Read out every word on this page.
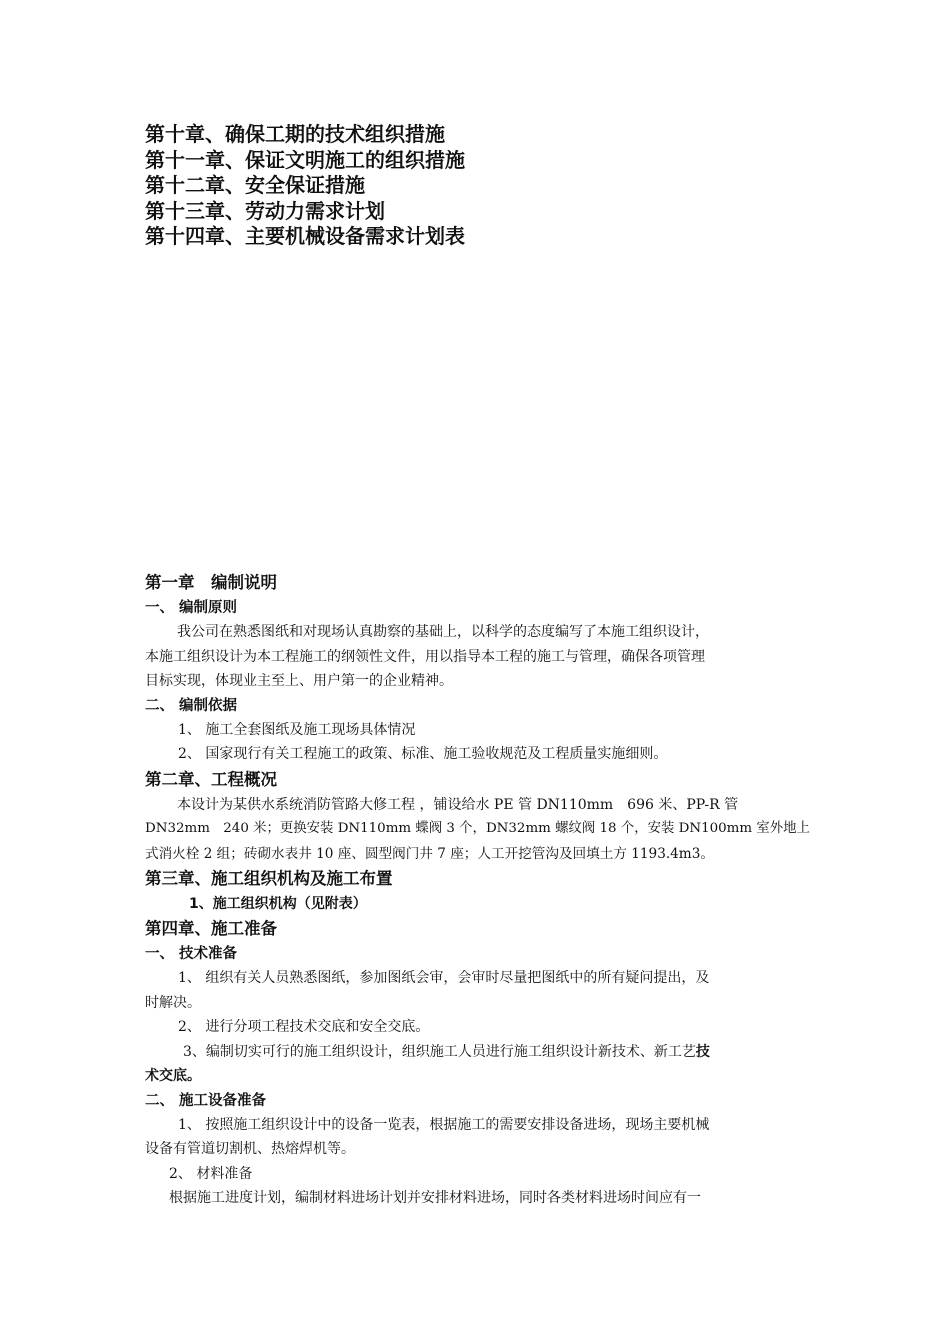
第十章、确保工期的技术组织措施
第十一章、保证文明施工的组织措施
第十二章、安全保证措施
第十三章、劳动力需求计划
第十四章、主要机械设备需求计划表
第一章　编制说明
一、 编制原则
我公司在熟悉图纸和对现场认真勘察的基础上，以科学的态度编写了本施工组织设计，
本施工组织设计为本工程施工的纲领性文件，用以指导本工程的施工与管理，确保各项管理
目标实现，体现业主至上、用户第一的企业精神。
二、 编制依据
1、 施工全套图纸及施工现场具体情况
2、 国家现行有关工程施工的政策、标准、施工验收规范及工程质量实施细则。
第二章、工程概况
本设计为某供水系统消防管路大修工程 ，铺设给水 PE 管 DN110mm　696 米、PP-R 管
DN32mm　240 米；更换安装 DN110mm 蝶阀 3 个，DN32mm 螺纹阀 18 个，安装 DN100mm 室外地上
式消火栓 2 组；砖砌水表井 10 座、圆型阀门井 7 座；人工开挖管沟及回填土方 1193.4m3。
第三章、施工组织机构及施工布置
1、施工组织机构（见附表）
第四章、施工准备
一、 技术准备
1、 组织有关人员熟悉图纸，参加图纸会审，会审时尽量把图纸中的所有疑问提出，及
时解决。
2、 进行分项工程技术交底和安全交底。
3、编制切实可行的施工组织设计，组织施工人员进行施工组织设计新技术、新工艺技
术交底。
二、 施工设备准备
1、 按照施工组织设计中的设备一览表，根据施工的需要安排设备进场，现场主要机械
设备有管道切割机、热熔焊机等。
2、 材料准备
根据施工进度计划，编制材料进场计划并安排材料进场，同时各类材料进场时间应有一
